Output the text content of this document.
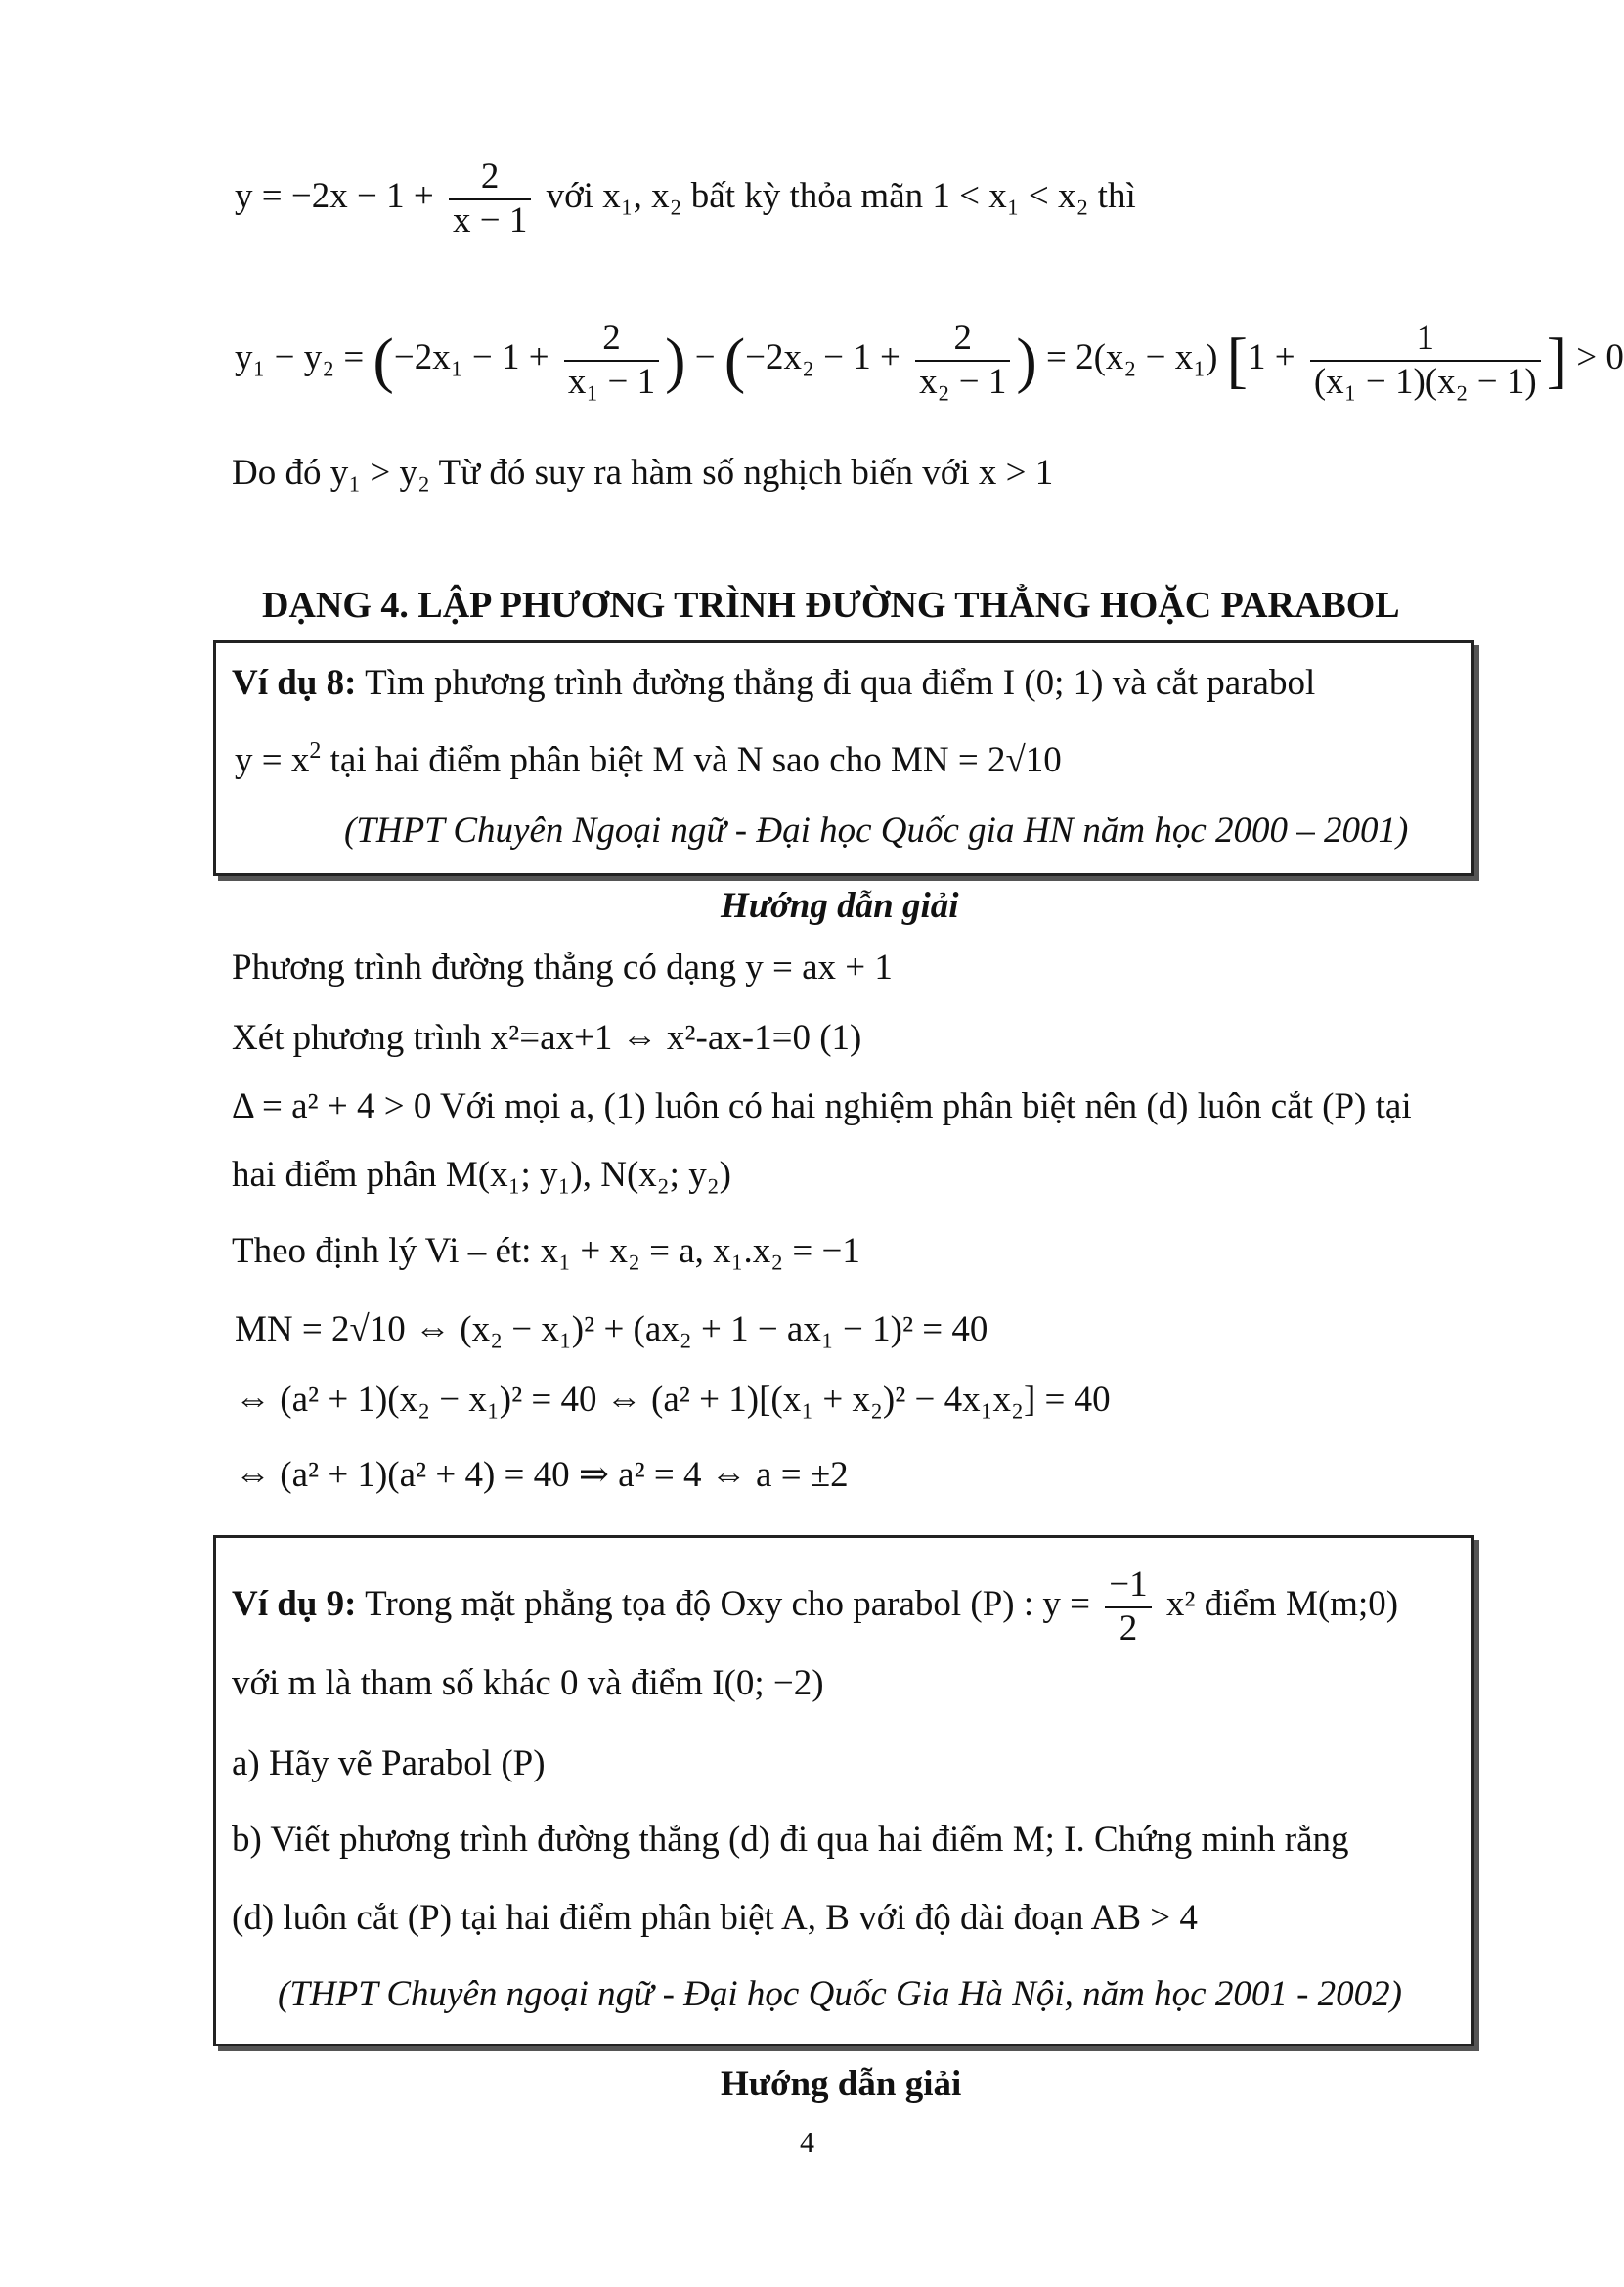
$y = -2x - 1 + \frac{2}{x - 1}$ với x₁, x₂ bất kỳ thỏa mãn 1 < x₁ < x₂ thì
$y_1 - y_2 = (-2x_1 - 1 + \frac{2}{\text{x₁ − 1}}$ ) − ($-2x_2 - 1 + \frac{2}{\text{x₂ − 1}}$ ) = 2(x₂ − x₁) [$1 + \frac{1}{\text{(x₁ − 1)(x₂ − 1)}}$ ] > 0
Do đó y₁ > y₂ Từ đó suy ra hàm số nghịch biến với x > 1
DẠNG 4. LẬP PHƯƠNG TRÌNH ĐƯỜNG THẲNG HOẶC PARABOL
Ví dụ 8: Tìm phương trình đường thẳng đi qua điểm I (0; 1) và cắt parabol
$y = x^2$ tại hai điểm phân biệt M và N sao cho MN = 2√10
(THPT Chuyên Ngoại ngữ - Đại học Quốc gia HN năm học 2000 – 2001)
Hướng dẫn giải
Phương trình đường thẳng có dạng y = ax + 1
Xét phương trình x²=ax+1 ⇔ x²-ax-1=0 (1)
Δ = a² + 4 > 0 Với mọi a, (1) luôn có hai nghiệm phân biệt nên (d) luôn cắt (P) tại
hai điểm phân M(x₁; y₁), N(x₂; y₂)
Theo định lý Vi – ét: x₁ + x₂ = a, x₁.x₂ = −1
MN = 2√10 ⇔ (x₂ − x₁)² + (ax₂ + 1 − ax₁ − 1)² = 40
⇔ (a² + 1)(x₂ − x₁)² = 40 ⇔ (a² + 1)[(x₁ + x₂)² − 4x₁x₂] = 40
⇔ (a² + 1)(a² + 4) = 40 ⇒ a² = 4 ⇔ a = ±2
Ví dụ 9: Trong mặt phẳng tọa độ Oxy cho parabol (P) : $y = \frac{-1}{2} x^2$ điểm M(m;0)
với m là tham số khác 0 và điểm I(0; −2)
a) Hãy vẽ Parabol (P)
b) Viết phương trình đường thẳng (d) đi qua hai điểm M; I. Chứng minh rằng
(d) luôn cắt (P) tại hai điểm phân biệt A, B với độ dài đoạn AB > 4
(THPT Chuyên ngoại ngữ - Đại học Quốc Gia Hà Nội, năm học 2001 - 2002)
Hướng dẫn giải
4
